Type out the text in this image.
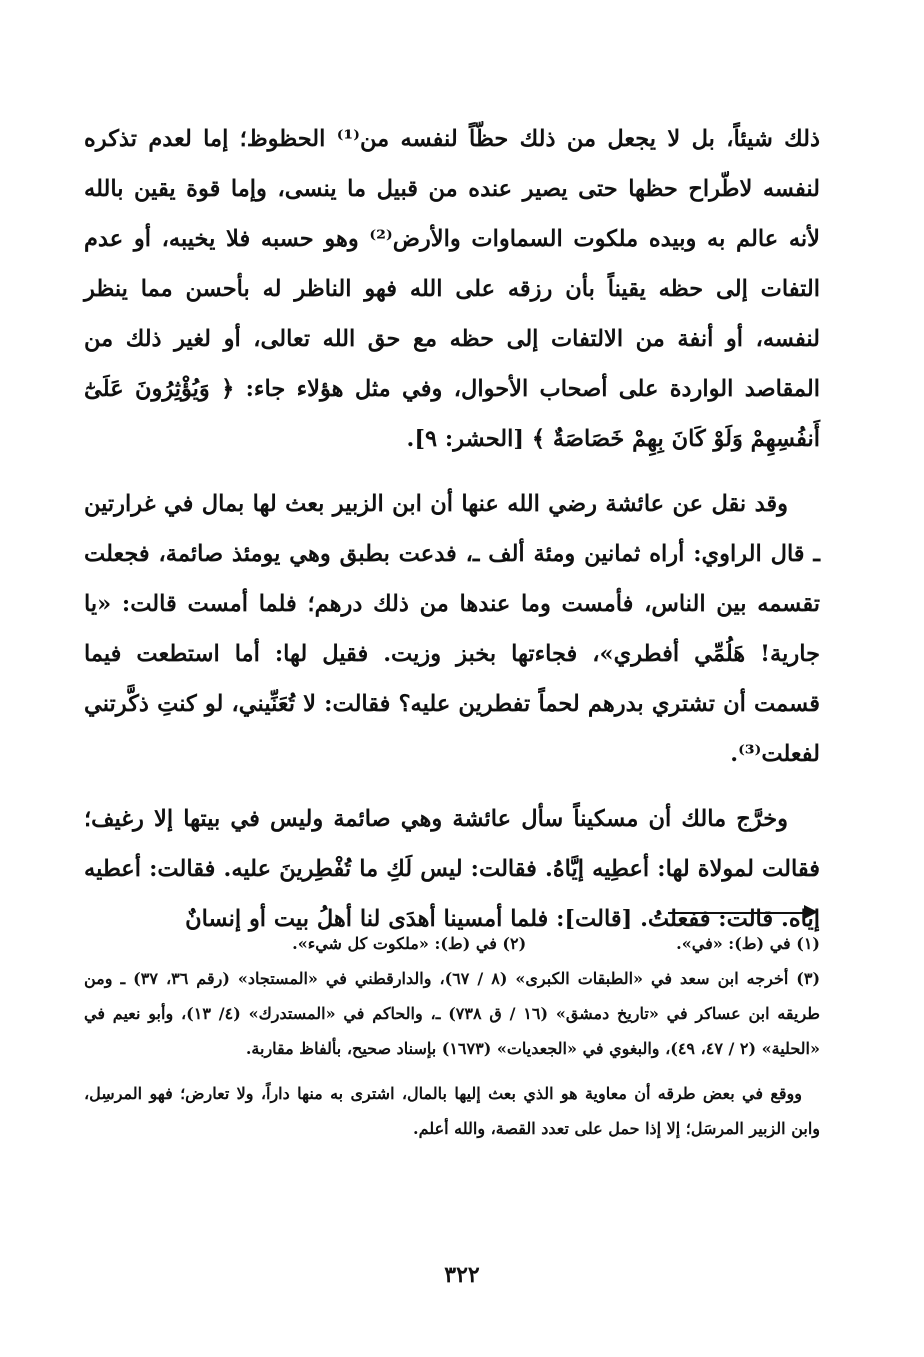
ذلك شيئاً، بل لا يجعل من ذلك حظّاً لنفسه من⁽¹⁾ الحظوظ؛ إما لعدم تذكره لنفسه لاطّراح حظها حتى يصير عنده من قبيل ما ينسى، وإما قوة يقين بالله لأنه عالم به وبيده ملكوت السماوات والأرض⁽²⁾ وهو حسبه فلا يخيبه، أو عدم التفات إلى حظه يقيناً بأن رزقه على الله فهو الناظر له بأحسن مما ينظر لنفسه، أو أنفة من الالتفات إلى حظه مع حق الله تعالى، أو لغير ذلك من المقاصد الواردة على أصحاب الأحوال، وفي مثل هؤلاء جاء: ﴿ وَيُؤْثِرُونَ عَلَىٰٓ أَنفُسِهِمْ وَلَوْ كَانَ بِهِمْ خَصَاصَةٌ ﴾ [الحشر: ٩].

وقد نقل عن عائشة رضي الله عنها أن ابن الزبير بعث لها بمال في غرارتين ـ قال الراوي: أراه ثمانين ومئة ألف ـ، فدعت بطبق وهي يومئذ صائمة، فجعلت تقسمه بين الناس، فأمست وما عندها من ذلك درهم؛ فلما أمست قالت: «يا جارية! هَلُمِّي أفطري»، فجاءتها بخبز وزيت. فقيل لها: أما استطعت فيما قسمت أن تشتري بدرهم لحماً تفطرين عليه؟ فقالت: لا تُعَنِّيني، لو كنتِ ذكَّرتني لفعلت⁽³⁾.

وخرَّج مالك أن مسكيناً سأل عائشة وهي صائمة وليس في بيتها إلا رغيف؛ فقالت لمولاة لها: أعطِيه إيَّاهُ. فقالت: ليس لَكِ ما تُفْطِرينَ عليه. فقالت: أعطيه إياه. قالت: ففعلتُ. [قالت]: فلما أمسينا أهدَى لنا أهلُ بيت أو إنسانٌ

(١) في (ط): «في».
(٢) في (ط): «ملكوت كل شيء».

(٣) أخرجه ابن سعد في «الطبقات الكبرى» (٨ / ٦٧)، والدارقطني في «المستجاد» (رقم ٣٦، ٣٧) ـ ومن طريقه ابن عساكر في «تاريخ دمشق» (١٦ / ق ٧٣٨) ـ، والحاكم في «المستدرك» (٤/ ١٣)، وأبو نعيم في «الحلية» (٢ / ٤٧، ٤٩)، والبغوي في «الجعديات» (١٦٧٣) بإسناد صحيح، بألفاظ مقاربة.

ووقع في بعض طرقه أن معاوية هو الذي بعث إليها بالمال، اشترى به منها داراً، ولا تعارض؛ فهو المرسِل، وابن الزبير المرسَل؛ إلا إذا حمل على تعدد القصة، والله أعلم.

٣٢٢
